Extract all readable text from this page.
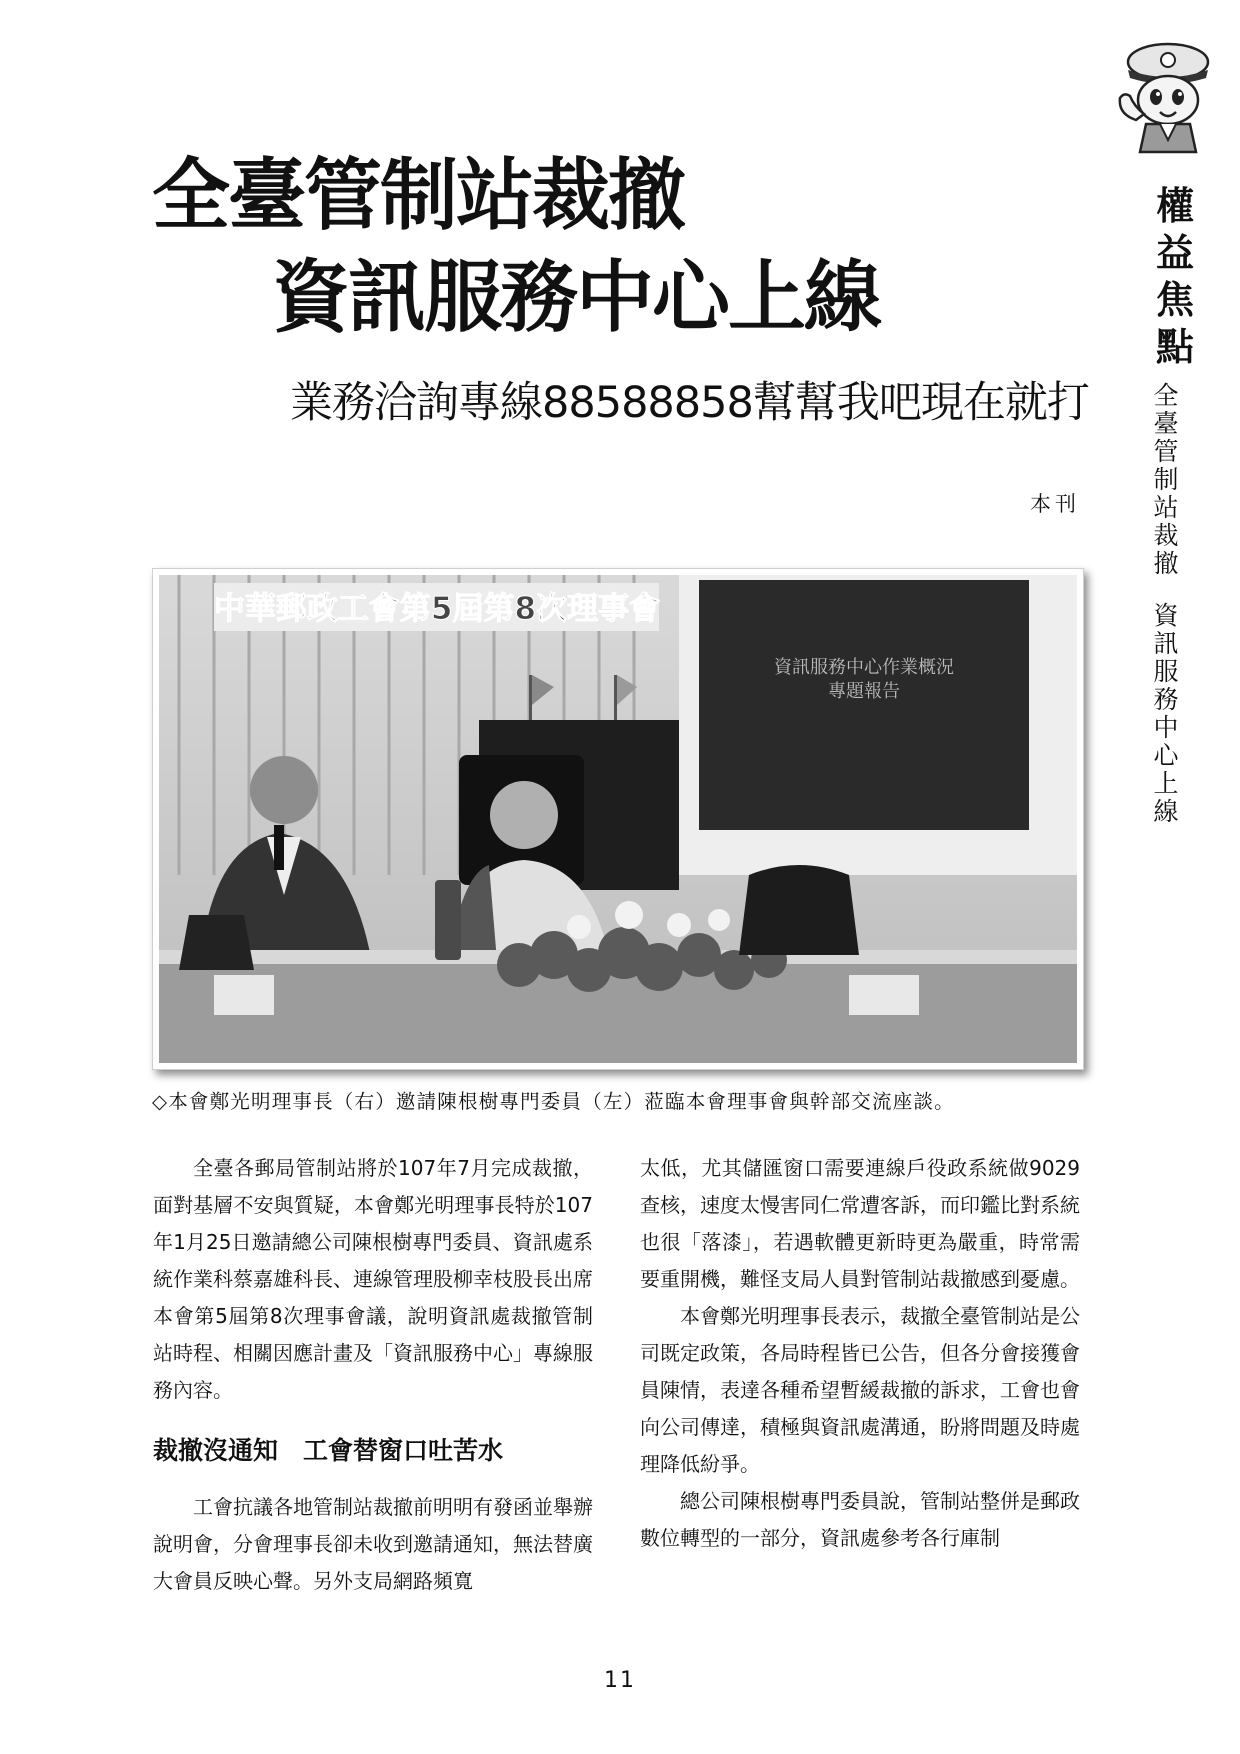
權
益
焦
點
全
臺
管
制
站
裁
撤
資
訊
服
務
中
心
上
線
全臺管制站裁撤
資訊服務中心上線
業務洽詢專線88588858幫幫我吧現在就打
本刊
中華郵政工會第5屆第8次理事會
資訊服務中心作業概況
專題報告
◇本會鄭光明理事長（右）邀請陳根樹專門委員（左）蒞臨本會理事會與幹部交流座談。

全臺各郵局管制站將於107年7月完成裁撤，面對基層不安與質疑，本會鄭光明理事長特於107年1月25日邀請總公司陳根樹專門委員、資訊處系統作業科蔡嘉雄科長、連線管理股柳幸枝股長出席本會第5屆第8次理事會議，說明資訊處裁撤管制站時程、相關因應計畫及「資訊服務中心」專線服務內容。

裁撤沒通知　工會替窗口吐苦水

工會抗議各地管制站裁撤前明明有發函並舉辦說明會，分會理事長卻未收到邀請通知，無法替廣大會員反映心聲。另外支局網路頻寬

太低，尤其儲匯窗口需要連線戶役政系統做9029查核，速度太慢害同仁常遭客訴，而印鑑比對系統也很「落漆」，若遇軟體更新時更為嚴重，時常需要重開機，難怪支局人員對管制站裁撤感到憂慮。

本會鄭光明理事長表示，裁撤全臺管制站是公司既定政策，各局時程皆已公告，但各分會接獲會員陳情，表達各種希望暫緩裁撤的訴求，工會也會向公司傳達，積極與資訊處溝通，盼將問題及時處理降低紛爭。

總公司陳根樹專門委員說，管制站整併是郵政數位轉型的一部分，資訊處參考各行庫制

11
